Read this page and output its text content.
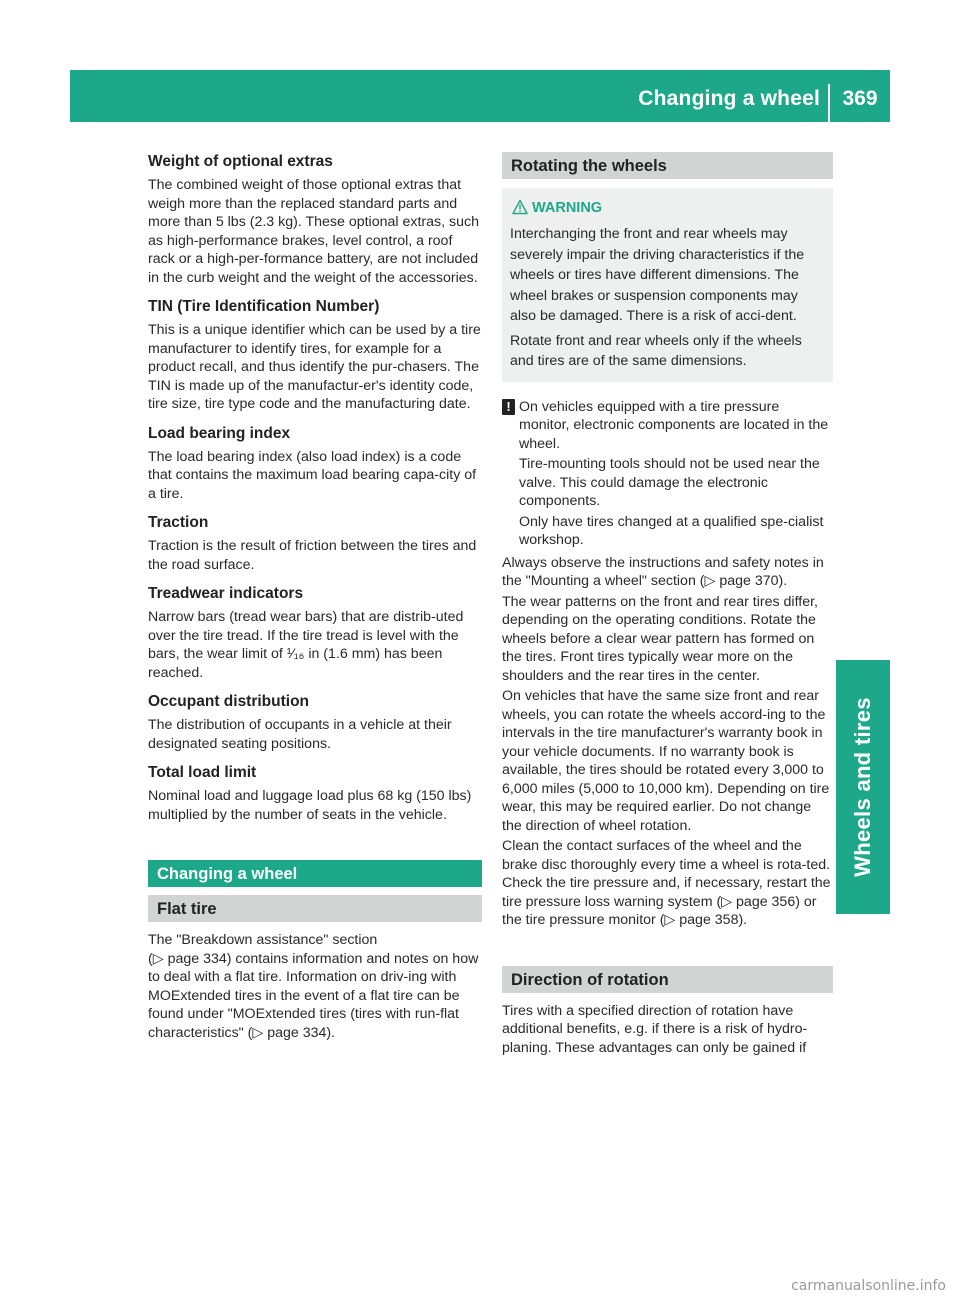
Changing a wheel	369
Wheels and tires
Weight of optional extras

The combined weight of those optional extras that weigh more than the replaced standard parts and more than 5 lbs (2.3 kg). These optional extras, such as high-performance brakes, level control, a roof rack or a high-per-formance battery, are not included in the curb weight and the weight of the accessories.

TIN (Tire Identification Number)

This is a unique identifier which can be used by a tire manufacturer to identify tires, for example for a product recall, and thus identify the pur-chasers. The TIN is made up of the manufactur-er's identity code, tire size, tire type code and the manufacturing date.

Load bearing index

The load bearing index (also load index) is a code that contains the maximum load bearing capa-city of a tire.

Traction

Traction is the result of friction between the tires and the road surface.

Treadwear indicators

Narrow bars (tread wear bars) that are distrib-uted over the tire tread. If the tire tread is level with the bars, the wear limit of ¹⁄₁₆ in (1.6 mm) has been reached.

Occupant distribution

The distribution of occupants in a vehicle at their designated seating positions.

Total load limit

Nominal load and luggage load plus 68 kg (150 lbs) multiplied by the number of seats in the vehicle.

Changing a wheel
Flat tire

The "Breakdown assistance" section
(▷ page 334) contains information and notes on how to deal with a flat tire. Information on driv-ing with MOExtended tires in the event of a flat tire can be found under "MOExtended tires (tires with run-flat characteristics" (▷ page 334).

Rotating the wheels
WARNING

Interchanging the front and rear wheels may severely impair the driving characteristics if the wheels or tires have different dimensions. The wheel brakes or suspension components may also be damaged. There is a risk of acci-dent.

Rotate front and rear wheels only if the wheels and tires are of the same dimensions.

! On vehicles equipped with a tire pressure monitor, electronic components are located in the wheel.

Tire-mounting tools should not be used near the valve. This could damage the electronic components.

Only have tires changed at a qualified spe-cialist workshop.

Always observe the instructions and safety notes in the "Mounting a wheel" section (▷ page 370).

The wear patterns on the front and rear tires differ, depending on the operating conditions. Rotate the wheels before a clear wear pattern has formed on the tires. Front tires typically wear more on the shoulders and the rear tires in the center.

On vehicles that have the same size front and rear wheels, you can rotate the wheels accord-ing to the intervals in the tire manufacturer's warranty book in your vehicle documents. If no warranty book is available, the tires should be rotated every 3,000 to 6,000 miles (5,000 to 10,000 km). Depending on tire wear, this may be required earlier. Do not change the direction of wheel rotation.

Clean the contact surfaces of the wheel and the brake disc thoroughly every time a wheel is rota-ted. Check the tire pressure and, if necessary, restart the tire pressure loss warning system (▷ page 356) or the tire pressure monitor (▷ page 358).

Direction of rotation

Tires with a specified direction of rotation have additional benefits, e.g. if there is a risk of hydro-planing. These advantages can only be gained if

carmanualsonline.info
